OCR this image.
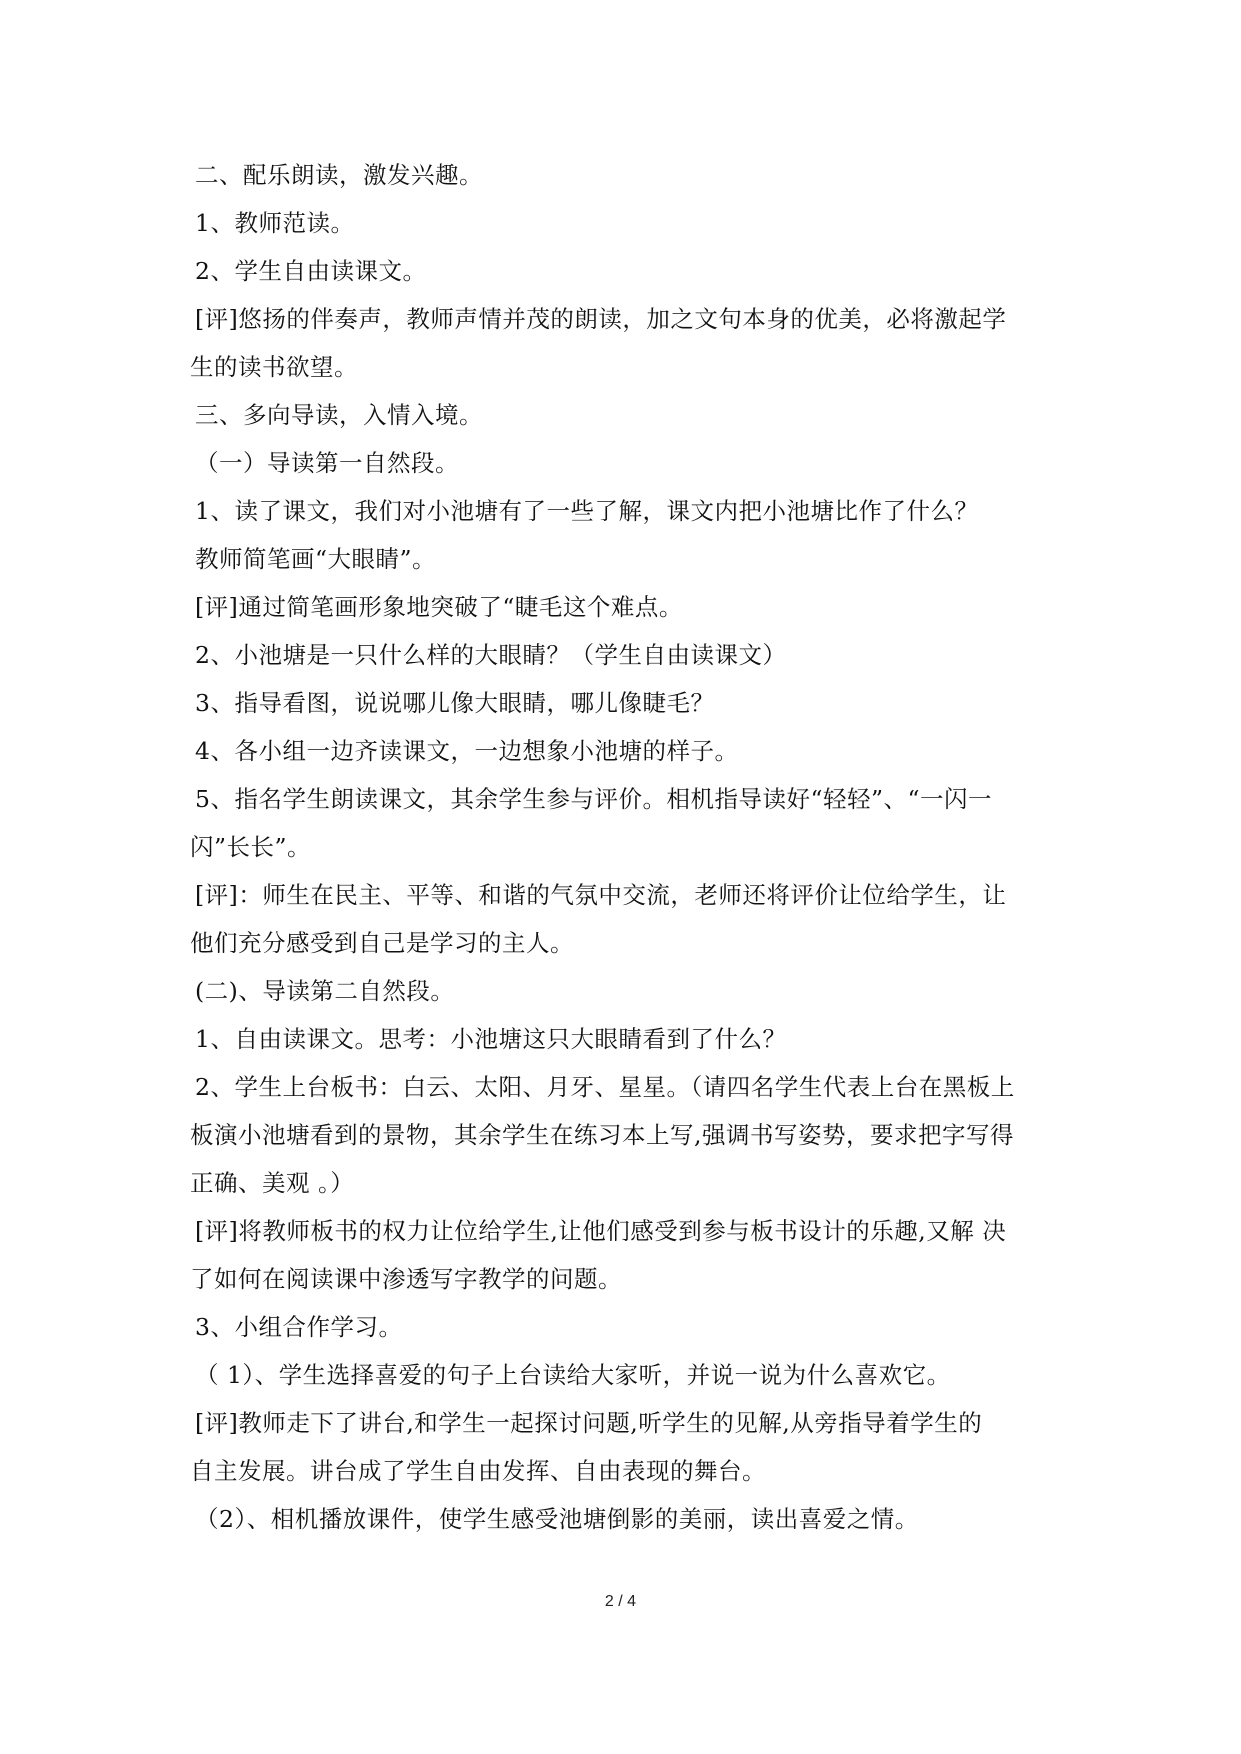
二、配乐朗读，激发兴趣。
1、教师范读。
2、学生自由读课文。
[评]悠扬的伴奏声，教师声情并茂的朗读，加之文句本身的优美，必将激起学
生的读书欲望。
三、多向导读，入情入境。
（一）导读第一自然段。
1、读了课文，我们对小池塘有了一些了解，课文内把小池塘比作了什么？
教师简笔画“大眼睛”。
[评]通过简笔画形象地突破了“睫毛这个难点。
2、小池塘是一只什么样的大眼睛？（学生自由读课文）
3、指导看图，说说哪儿像大眼睛，哪儿像睫毛？
4、各小组一边齐读课文，一边想象小池塘的样子。
5、指名学生朗读课文，其余学生参与评价。相机指导读好“轻轻”、“一闪一
闪”长长”。
[评]：师生在民主、平等、和谐的气氛中交流，老师还将评价让位给学生，让
他们充分感受到自己是学习的主人。
(二)、导读第二自然段。
1、自由读课文。思考：小池塘这只大眼睛看到了什么？
2、学生上台板书：白云、太阳、月牙、星星。（请四名学生代表上台在黑板上
板演小池塘看到的景物，其余学生在练习本上写,强调书写姿势，要求把字写得
正确、美观 。）
[评]将教师板书的权力让位给学生,让他们感受到参与板书设计的乐趣,又解 决
了如何在阅读课中渗透写字教学的问题。
3、小组合作学习。
（ 1）、学生选择喜爱的句子上台读给大家听，并说一说为什么喜欢它。
[评]教师走下了讲台,和学生一起探讨问题,听学生的见解,从旁指导着学生的
自主发展。讲台成了学生自由发挥、自由表现的舞台。
（2）、相机播放课件，使学生感受池塘倒影的美丽，读出喜爱之情。
2 / 4
